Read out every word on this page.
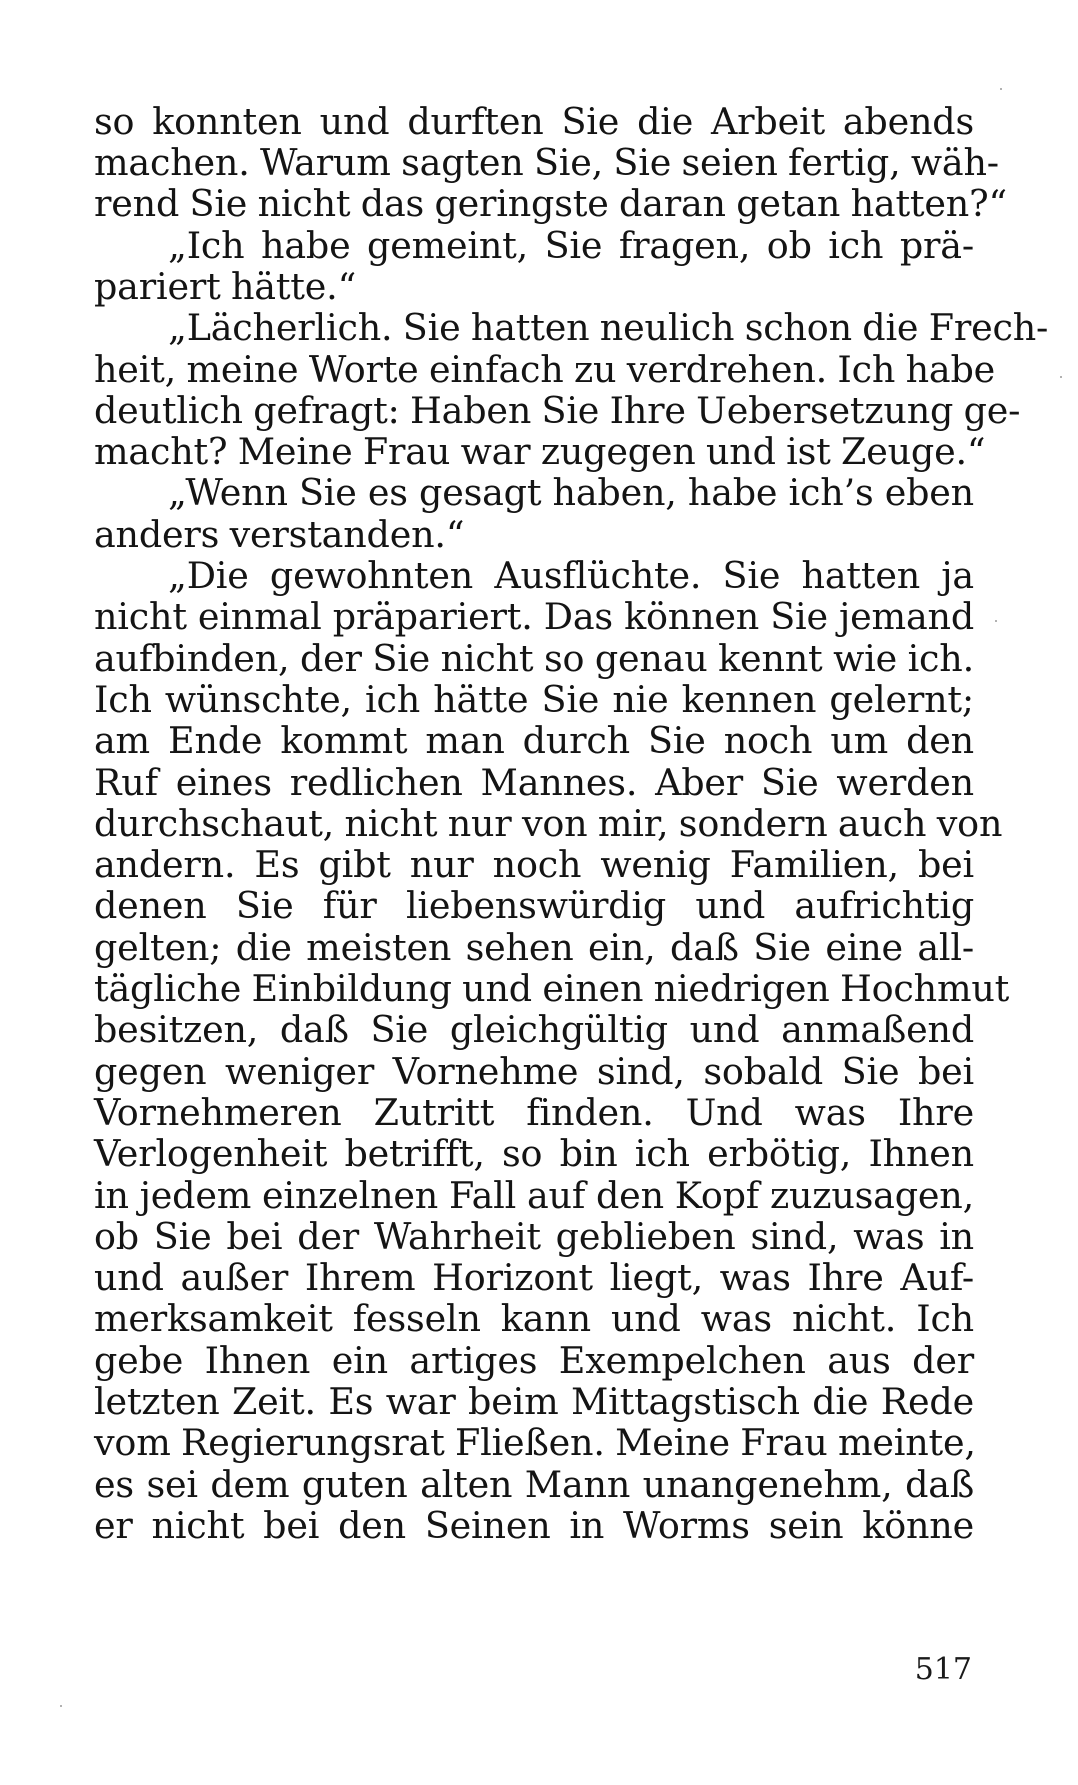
so konnten und durften Sie die Arbeit abends
machen. Warum sagten Sie, Sie seien fertig, wäh-
rend Sie nicht das geringste daran getan hatten?“
„Ich habe gemeint, Sie fragen, ob ich prä-
pariert hätte.“
„Lächerlich. Sie hatten neulich schon die Frech-
heit, meine Worte einfach zu verdrehen. Ich habe
deutlich gefragt: Haben Sie Ihre Uebersetzung ge-
macht? Meine Frau war zugegen und ist Zeuge.“
„Wenn Sie es gesagt haben, habe ich’s eben
anders verstanden.“
„Die gewohnten Ausflüchte. Sie hatten ja
nicht einmal präpariert. Das können Sie jemand
aufbinden, der Sie nicht so genau kennt wie ich.
Ich wünschte, ich hätte Sie nie kennen gelernt;
am Ende kommt man durch Sie noch um den
Ruf eines redlichen Mannes. Aber Sie werden
durchschaut, nicht nur von mir, sondern auch von
andern. Es gibt nur noch wenig Familien, bei
denen Sie für liebenswürdig und aufrichtig
gelten; die meisten sehen ein, daß Sie eine all-
tägliche Einbildung und einen niedrigen Hochmut
besitzen, daß Sie gleichgültig und anmaßend
gegen weniger Vornehme sind, sobald Sie bei
Vornehmeren Zutritt finden. Und was Ihre
Verlogenheit betrifft, so bin ich erbötig, Ihnen
in jedem einzelnen Fall auf den Kopf zuzusagen,
ob Sie bei der Wahrheit geblieben sind, was in
und außer Ihrem Horizont liegt, was Ihre Auf-
merksamkeit fesseln kann und was nicht. Ich
gebe Ihnen ein artiges Exempelchen aus der
letzten Zeit. Es war beim Mittagstisch die Rede
vom Regierungsrat Fließen. Meine Frau meinte,
es sei dem guten alten Mann unangenehm, daß
er nicht bei den Seinen in Worms sein könne
517
